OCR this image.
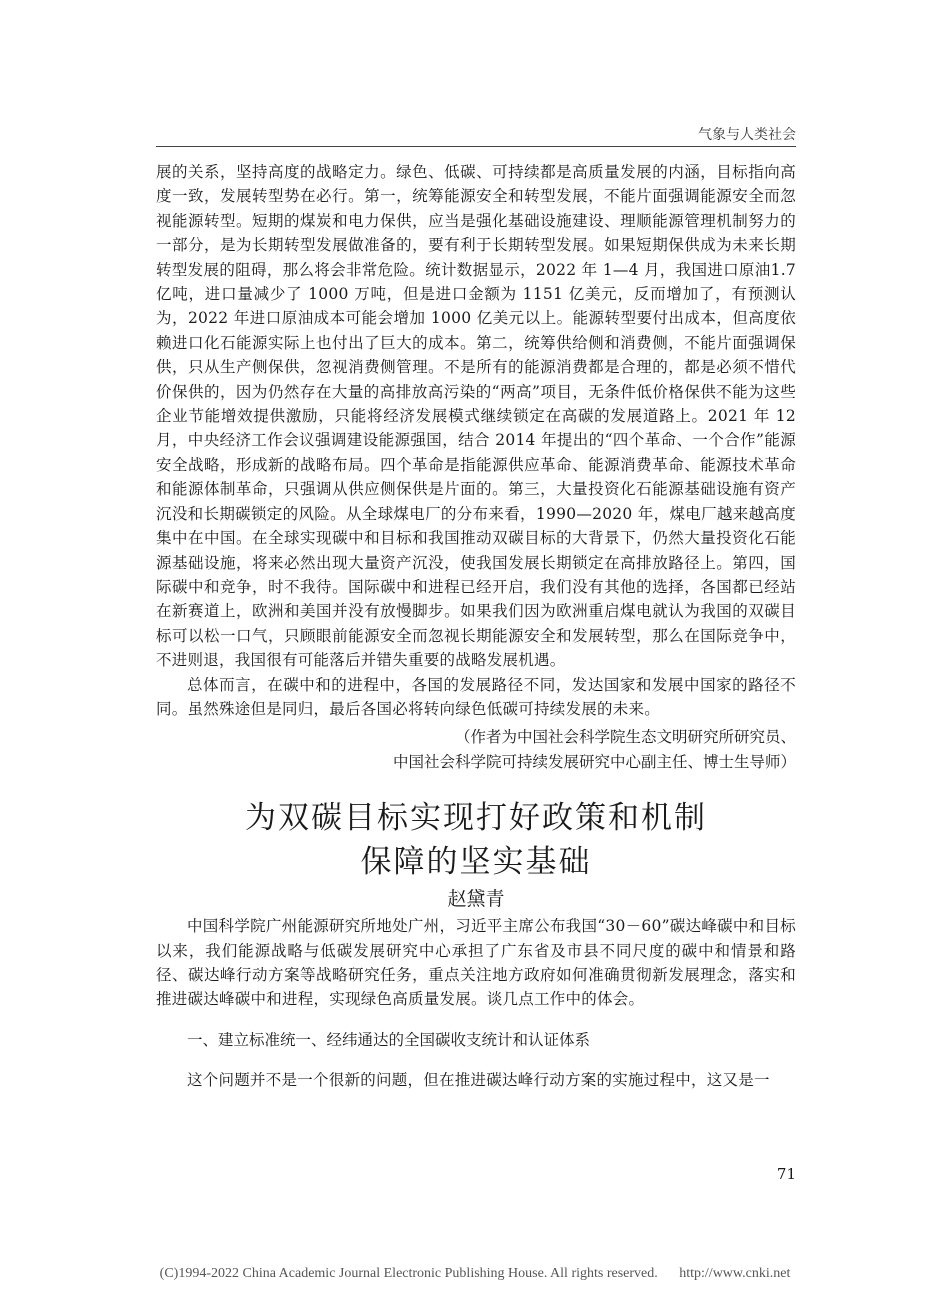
气象与人类社会

展的关系，坚持高度的战略定力。绿色、低碳、可持续都是高质量发展的内涵，目标指向高度一致，发展转型势在必行。第一，统筹能源安全和转型发展，不能片面强调能源安全而忽视能源转型。短期的煤炭和电力保供，应当是强化基础设施建设、理顺能源管理机制努力的一部分，是为长期转型发展做准备的，要有利于长期转型发展。如果短期保供成为未来长期转型发展的阻碍，那么将会非常危险。统计数据显示，2022 年 1—4 月，我国进口原油1.7 亿吨，进口量减少了 1000 万吨，但是进口金额为 1151 亿美元，反而增加了，有预测认为，2022 年进口原油成本可能会增加 1000 亿美元以上。能源转型要付出成本，但高度依赖进口化石能源实际上也付出了巨大的成本。第二，统筹供给侧和消费侧，不能片面强调保供，只从生产侧保供，忽视消费侧管理。不是所有的能源消费都是合理的，都是必须不惜代价保供的，因为仍然存在大量的高排放高污染的“两高”项目，无条件低价格保供不能为这些企业节能增效提供激励，只能将经济发展模式继续锁定在高碳的发展道路上。2021 年 12 月，中央经济工作会议强调建设能源强国，结合 2014 年提出的“四个革命、一个合作”能源安全战略，形成新的战略布局。四个革命是指能源供应革命、能源消费革命、能源技术革命和能源体制革命，只强调从供应侧保供是片面的。第三，大量投资化石能源基础设施有资产沉没和长期碳锁定的风险。从全球煤电厂的分布来看，1990—2020 年，煤电厂越来越高度集中在中国。在全球实现碳中和目标和我国推动双碳目标的大背景下，仍然大量投资化石能源基础设施，将来必然出现大量资产沉没，使我国发展长期锁定在高排放路径上。第四，国际碳中和竞争，时不我待。国际碳中和进程已经开启，我们没有其他的选择，各国都已经站在新赛道上，欧洲和美国并没有放慢脚步。如果我们因为欧洲重启煤电就认为我国的双碳目标可以松一口气，只顾眼前能源安全而忽视长期能源安全和发展转型，那么在国际竞争中，不进则退，我国很有可能落后并错失重要的战略发展机遇。

总体而言，在碳中和的进程中，各国的发展路径不同，发达国家和发展中国家的路径不同。虽然殊途但是同归，最后各国必将转向绿色低碳可持续发展的未来。

（作者为中国社会科学院生态文明研究所研究员、
中国社会科学院可持续发展研究中心副主任、博士生导师）

为双碳目标实现打好政策和机制
保障的坚实基础

赵黛青

中国科学院广州能源研究所地处广州，习近平主席公布我国“30－60”碳达峰碳中和目标以来，我们能源战略与低碳发展研究中心承担了广东省及市县不同尺度的碳中和情景和路径、碳达峰行动方案等战略研究任务，重点关注地方政府如何准确贯彻新发展理念，落实和推进碳达峰碳中和进程，实现绿色高质量发展。谈几点工作中的体会。

一、建立标准统一、经纬通达的全国碳收支统计和认证体系

这个问题并不是一个很新的问题，但在推进碳达峰行动方案的实施过程中，这又是一

71
(C)1994-2022 China Academic Journal Electronic Publishing House. All rights reserved. http://www.cnki.net
